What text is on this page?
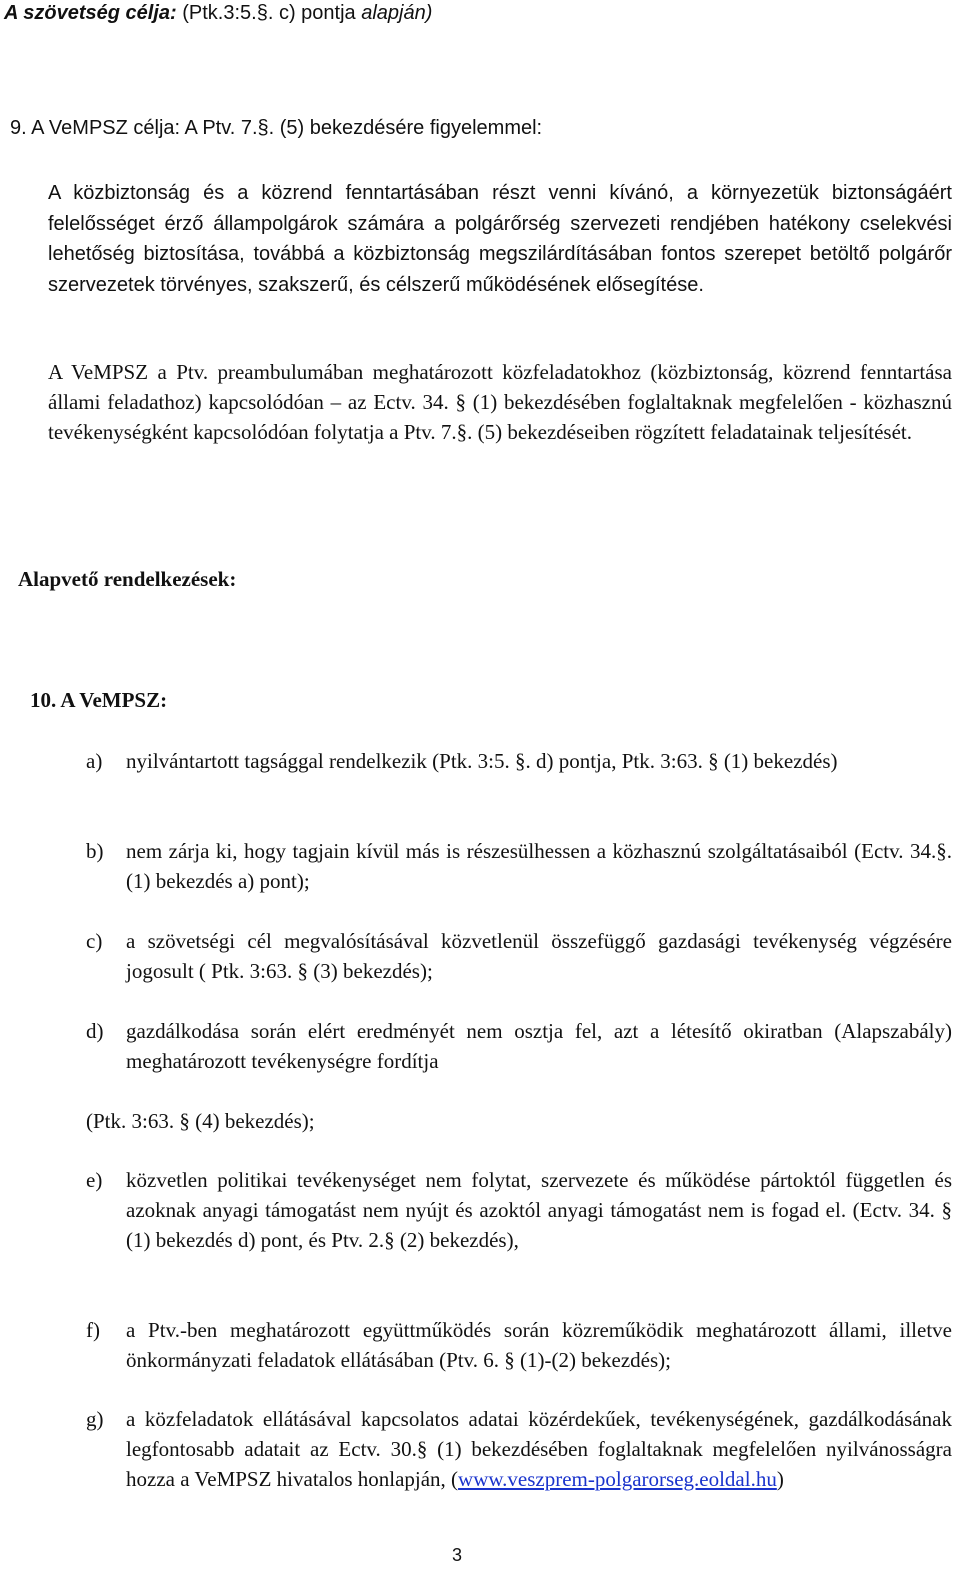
A szövetség célja: (Ptk.3:5.§. c) pontja alapján)
9. A VeMPSZ célja: A Ptv. 7.§. (5) bekezdésére figyelemmel:
A közbiztonság és a közrend fenntartásában részt venni kívánó, a környezetük biztonságáért felelősséget érző állampolgárok számára a polgárőrség szervezeti rendjében hatékony cselekvési lehetőség biztosítása, továbbá a közbiztonság megszilárdításában fontos szerepet betöltő polgárőr szervezetek törvényes, szakszerű, és célszerű működésének elősegítése.
A VeMPSZ a Ptv. preambulumában meghatározott közfeladatokhoz (közbiztonság, közrend fenntartása állami feladathoz) kapcsolódóan – az Ectv. 34. § (1) bekezdésében foglaltaknak megfelelően - közhasznú tevékenységként kapcsolódóan folytatja a Ptv. 7.§. (5) bekezdéseiben rögzített feladatainak teljesítését.
Alapvető rendelkezések:
10. A VeMPSZ:
a)	nyilvántartott tagsággal rendelkezik (Ptk. 3:5. §. d) pontja, Ptk. 3:63. § (1) bekezdés)
b)	nem zárja ki, hogy tagjain kívül más is részesülhessen a közhasznú szolgáltatásaiból (Ectv. 34.§. (1) bekezdés a) pont);
c)	a szövetségi cél megvalósításával közvetlenül összefüggő gazdasági tevékenység végzésére jogosult ( Ptk. 3:63. § (3) bekezdés);
d)	gazdálkodása során elért eredményét nem osztja fel, azt a létesítő okiratban (Alapszabály) meghatározott tevékenységre fordítja
(Ptk. 3:63. § (4) bekezdés);
e)	közvetlen politikai tevékenységet nem folytat, szervezete és működése pártoktól független és azoknak anyagi támogatást nem nyújt és azoktól anyagi támogatást nem is fogad el. (Ectv. 34. § (1) bekezdés d) pont, és Ptv. 2.§ (2) bekezdés),
f)	a Ptv.-ben meghatározott együttműködés során közreműködik meghatározott állami, illetve önkormányzati feladatok ellátásában (Ptv. 6. § (1)-(2) bekezdés);
g)	a közfeladatok ellátásával kapcsolatos adatai közérdekűek, tevékenységének, gazdálkodásának legfontosabb adatait az Ectv. 30.§ (1) bekezdésében foglaltaknak megfelelően nyilvánosságra hozza a VeMPSZ hivatalos honlapján, (www.veszprem-polgarorseg.eoldal.hu)
3
